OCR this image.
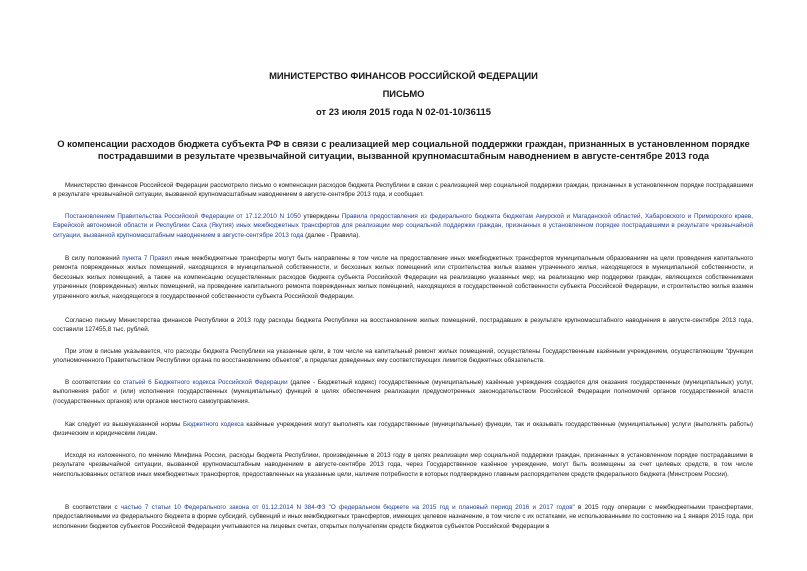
МИНИСТЕРСТВО ФИНАНСОВ РОССИЙСКОЙ ФЕДЕРАЦИИ
ПИСЬМО
от 23 июля 2015 года N 02-01-10/36115
О компенсации расходов бюджета субъекта РФ в связи с реализацией мер социальной поддержки граждан, признанных в установленном порядке пострадавшими в результате чрезвычайной ситуации, вызванной крупномасштабным наводнением в августе-сентябре 2013 года

Министерство финансов Российской Федерации рассмотрело письмо о компенсации расходов бюджета Республики в связи с реализацией мер социальной поддержки граждан, признанных в установленном порядке пострадавшими в результате чрезвычайной ситуации, вызванной крупномасштабным наводнением в августе-сентябре 2013 года, и сообщает.

Постановлением Правительства Российской Федерации от 17.12.2010 N 1050 утверждены Правила предоставления из федерального бюджета бюджетам Амурской и Магаданской областей, Хабаровского и Приморского краев, Еврейской автономной области и Республики Саха (Якутия) иных межбюджетных трансфертов для реализации мер социальной поддержки граждан, признанных в установленном порядке пострадавшими в результате чрезвычайной ситуации, вызванной крупномасштабным наводнением в августе-сентябре 2013 года (далее - Правила).

В силу положений пункта 7 Правил иные межбюджетные трансферты могут быть направлены в том числе на предоставление иных межбюджетных трансфертов муниципальным образованиям на цели проведения капитального ремонта поврежденных жилых помещений, находящихся в муниципальной собственности, и бесхозных жилых помещений или строительства жилья взамен утраченного жилья, находящегося в муниципальной собственности, и бесхозных жилых помещений, а также на компенсацию осуществленных расходов бюджета субъекта Российской Федерации на реализацию указанных мер; на реализацию мер поддержки граждан, являющихся собственниками утраченных (поврежденных) жилых помещений, на проведение капитального ремонта поврежденных жилых помещений, находящихся в государственной собственности субъекта Российской Федерации, и строительство жилья взамен утраченного жилья, находящегося в государственной собственности субъекта Российской Федерации.

Согласно письму Министерства финансов Республики в 2013 году расходы бюджета Республики на восстановление жилых помещений, пострадавших в результате крупномасштабного наводнения в августе-сентябре 2013 года, составили 127455,8 тыс. рублей.

При этом в письме указывается, что расходы бюджета Республики на указанные цели, в том числе на капитальный ремонт жилых помещений, осуществлены Государственным казённым учреждением, осуществляющим "функции уполномоченного Правительством Республики органа по восстановлению объектов", в пределах доведенных ему соответствующих лимитов бюджетных обязательств.

В соответствии со статьей 6 Бюджетного кодекса Российской Федерации (далее - Бюджетный кодекс) государственные (муниципальные) казённые учреждения создаются для оказания государственных (муниципальных) услуг, выполнения работ и (или) исполнения государственных (муниципальных) функций в целях обеспечения реализации предусмотренных законодательством Российской Федерации полномочий органов государственной власти (государственных органов) или органов местного самоуправления.

Как следует из вышеуказанной нормы Бюджетного кодекса казённые учреждения могут выполнять как государственные (муниципальные) функции, так и оказывать государственные (муниципальные) услуги (выполнять работы) физическим и юридическим лицам.

Исходя из изложенного, по мнению Минфина России, расходы бюджета Республики, произведенные в 2013 году в целях реализации мер социальной поддержки граждан, признанных в установленном порядке пострадавшими в результате чрезвычайной ситуации, вызванной крупномасштабным наводнением в августе-сентябре 2013 года, через Государственное казённое учреждение, могут быть возмещены за счет целевых средств, в том числе неиспользованных остатков иных межбюджетных трансфертов, предоставленных на указанные цели, наличие потребности в которых подтверждено главным распорядителем средств федерального бюджета (Минстроем России).

В соответствии с частью 7 статьи 10 Федерального закона от 01.12.2014 N 384-ФЗ "О федеральном бюджете на 2015 год и плановый период 2016 и 2017 годов" в 2015 году операции с межбюджетными трансфертами, предоставляемыми из федерального бюджета в форме субсидий, субвенций и иных межбюджетных трансфертов, имеющих целевое назначение, в том числе с их остатками, не использованными по состоянию на 1 января 2015 года, при исполнении бюджетов субъектов Российской Федерации учитываются на лицевых счетах, открытых получателям средств бюджетов субъектов Российской Федерации в
